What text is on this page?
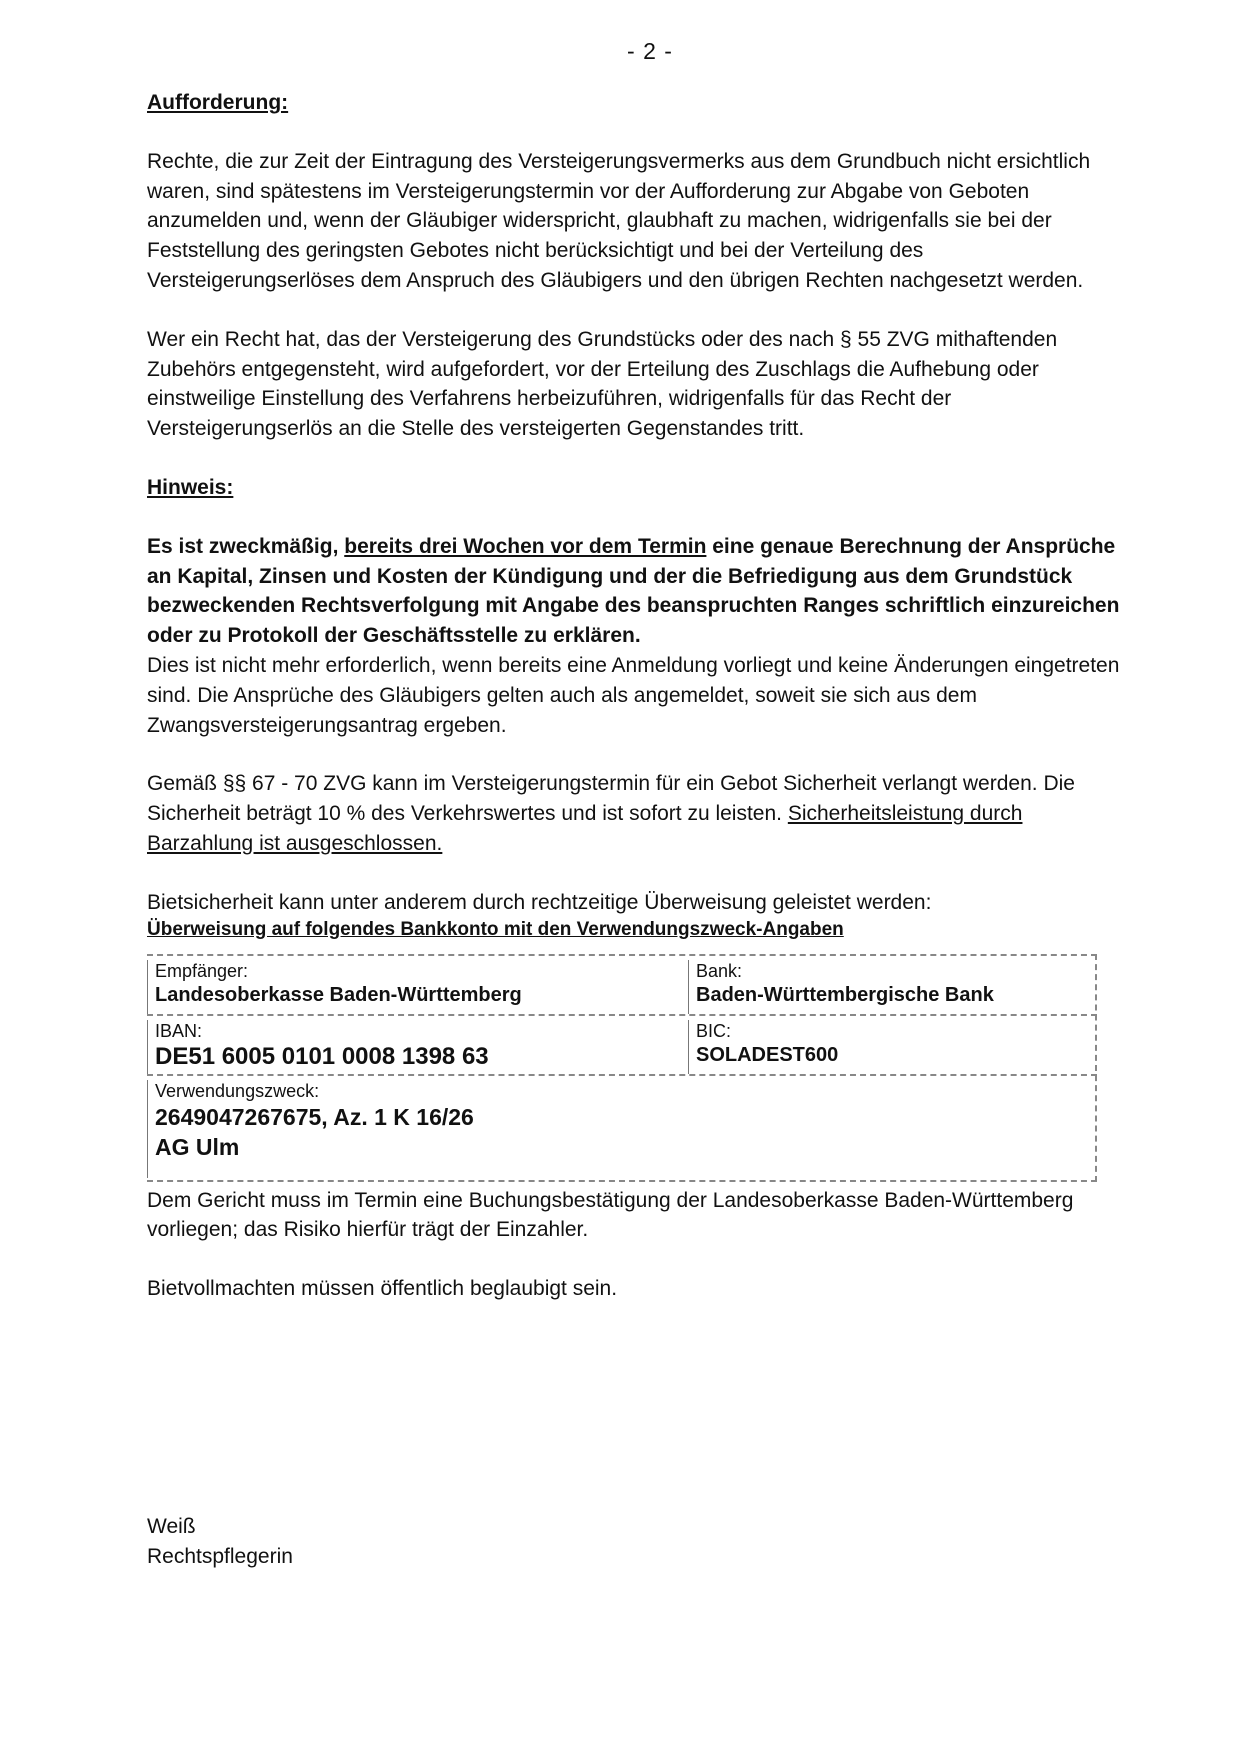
- 2 -

Aufforderung:

Rechte, die zur Zeit der Eintragung des Versteigerungsvermerks aus dem Grundbuch nicht ersichtlich waren, sind spätestens im Versteigerungstermin vor der Aufforderung zur Abgabe von Geboten anzumelden und, wenn der Gläubiger widerspricht, glaubhaft zu machen, widrigenfalls sie bei der Feststellung des geringsten Gebotes nicht berücksichtigt und bei der Verteilung des Versteigerungserlöses dem Anspruch des Gläubigers und den übrigen Rechten nachgesetzt werden.

Wer ein Recht hat, das der Versteigerung des Grundstücks oder des nach § 55 ZVG mithaftenden Zubehörs entgegensteht, wird aufgefordert, vor der Erteilung des Zuschlags die Aufhebung oder einstweilige Einstellung des Verfahrens herbeizuführen, widrigenfalls für das Recht der Versteigerungserlös an die Stelle des versteigerten Gegenstandes tritt.

Hinweis:

Es ist zweckmäßig, bereits drei Wochen vor dem Termin eine genaue Berechnung der Ansprüche an Kapital, Zinsen und Kosten der Kündigung und der die Befriedigung aus dem Grundstück bezweckenden Rechtsverfolgung mit Angabe des beanspruchten Ranges schriftlich einzureichen oder zu Protokoll der Geschäftsstelle zu erklären.

Dies ist nicht mehr erforderlich, wenn bereits eine Anmeldung vorliegt und keine Änderungen eingetreten sind. Die Ansprüche des Gläubigers gelten auch als angemeldet, soweit sie sich aus dem Zwangsversteigerungsantrag ergeben.

Gemäß §§ 67 - 70 ZVG kann im Versteigerungstermin für ein Gebot Sicherheit verlangt werden. Die Sicherheit beträgt 10 % des Verkehrswertes und ist sofort zu leisten. Sicherheitsleistung durch Barzahlung ist ausgeschlossen.

Bietsicherheit kann unter anderem durch rechtzeitige Überweisung geleistet werden:

Überweisung auf folgendes Bankkonto mit den Verwendungszweck-Angaben

Empfänger:
Landesoberkasse Baden-Württemberg
Bank:
Baden-Württembergische Bank
IBAN:
DE51 6005 0101 0008 1398 63
BIC:
SOLADEST600
Verwendungszweck:
2649047267675, Az. 1 K 16/26
AG Ulm

Dem Gericht muss im Termin eine Buchungsbestätigung der Landesoberkasse Baden-Württemberg vorliegen; das Risiko hierfür trägt der Einzahler.

Bietvollmachten müssen öffentlich beglaubigt sein.

Weiß
Rechtspflegerin
